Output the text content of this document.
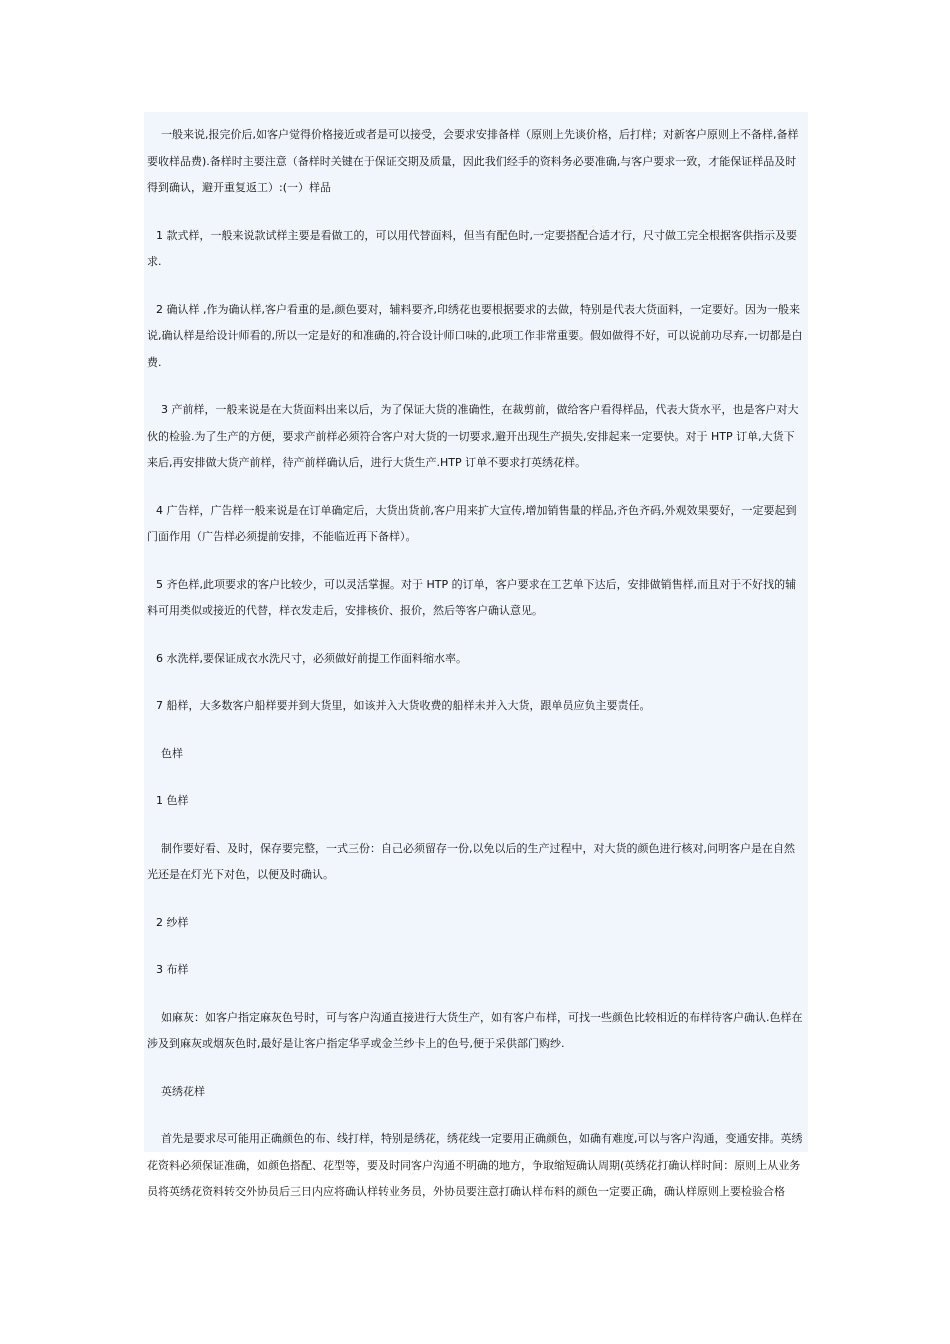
一般来说,报完价后,如客户觉得价格接近或者是可以接受，会要求安排备样（原则上先谈价格，后打样；对新客户原则上不备样,备样要收样品费).备样时主要注意（备样时关键在于保证交期及质量，因此我们经手的资料务必要准确,与客户要求一致，才能保证样品及时得到确认，避开重复返工）:(一）样品

1 款式样，一般来说款试样主要是看做工的，可以用代替面料，但当有配色时,一定要搭配合适才行，尺寸做工完全根据客供指示及要求.

2 确认样 ,作为确认样,客户看重的是,颜色要对，辅料要齐,印绣花也要根据要求的去做，特别是代表大货面料，一定要好。因为一般来说,确认样是给设计师看的,所以一定是好的和准确的,符合设计师口味的,此项工作非常重要。假如做得不好，可以说前功尽弃,一切都是白费.

3 产前样，一般来说是在大货面料出来以后，为了保证大货的准确性，在裁剪前，做给客户看得样品，代表大货水平，也是客户对大伙的检验.为了生产的方便，要求产前样必须符合客户对大货的一切要求,避开出现生产损失,安排起来一定要快。对于 HTP 订单,大货下来后,再安排做大货产前样，待产前样确认后，进行大货生产.HTP 订单不要求打英绣花样。

4 广告样，广告样一般来说是在订单确定后，大货出货前,客户用来扩大宣传,增加销售量的样品,齐色齐码,外观效果要好，一定要起到门面作用（广告样必须提前安排，不能临近再下备样）。

5 齐色样,此项要求的客户比较少，可以灵活掌握。对于 HTP 的订单，客户要求在工艺单下达后，安排做销售样,而且对于不好找的辅料可用类似或接近的代替，样衣发走后，安排核价、报价，然后等客户确认意见。

6 水洗样,要保证成衣水洗尺寸，必须做好前提工作面料缩水率。

7 船样，大多数客户船样要并到大货里，如该并入大货收费的船样未并入大货，跟单员应负主要责任。

色样

1 色样

制作要好看、及时，保存要完整，一式三份：自己必须留存一份,以免以后的生产过程中，对大货的颜色进行核对,问明客户是在自然光还是在灯光下对色，以便及时确认。

2 纱样

3 布样

如麻灰：如客户指定麻灰色号时，可与客户沟通直接进行大货生产，如有客户布样，可找一些颜色比较相近的布样待客户确认.色样在涉及到麻灰或烟灰色时,最好是让客户指定华孚或金兰纱卡上的色号,便于采供部门购纱.

英绣花样

首先是要求尽可能用正确颜色的布、线打样，特别是绣花，绣花线一定要用正确颜色，如确有难度,可以与客户沟通，变通安排。英绣花资料必须保证准确，如颜色搭配、花型等，要及时同客户沟通不明确的地方，争取缩短确认周期(英绣花打确认样时间：原则上从业务员将英绣花资料转交外协员后三日内应将确认样转业务员，外协员要注意打确认样布料的颜色一定要正确，确认样原则上要检验合格
